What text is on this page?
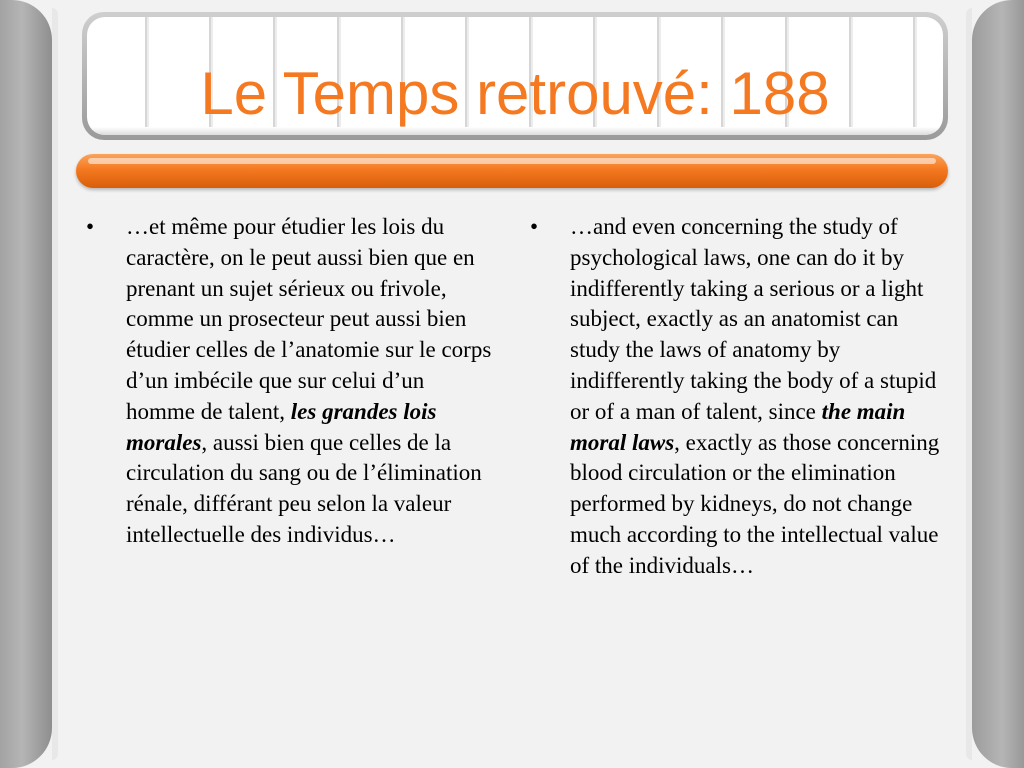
Le Temps retrouvé: 188
• …et même pour étudier les lois du caractère, on le peut aussi bien que en prenant un sujet sérieux ou frivole, comme un prosecteur peut aussi bien étudier celles de l’anatomie sur le corps d’un imbécile que sur celui d’un homme de talent, les grandes lois morales, aussi bien que celles de la circulation du sang ou de l’élimination rénale, différant peu selon la valeur intellectuelle des individus…
• …and even concerning the study of psychological laws, one can do it by indifferently taking a serious or a light subject, exactly as an anatomist can study the laws of anatomy by indifferently taking the body of a stupid or of a man of talent, since the main moral laws, exactly as those concerning blood circulation or the elimination performed by kidneys, do not change much according to the intellectual value of the individuals…
